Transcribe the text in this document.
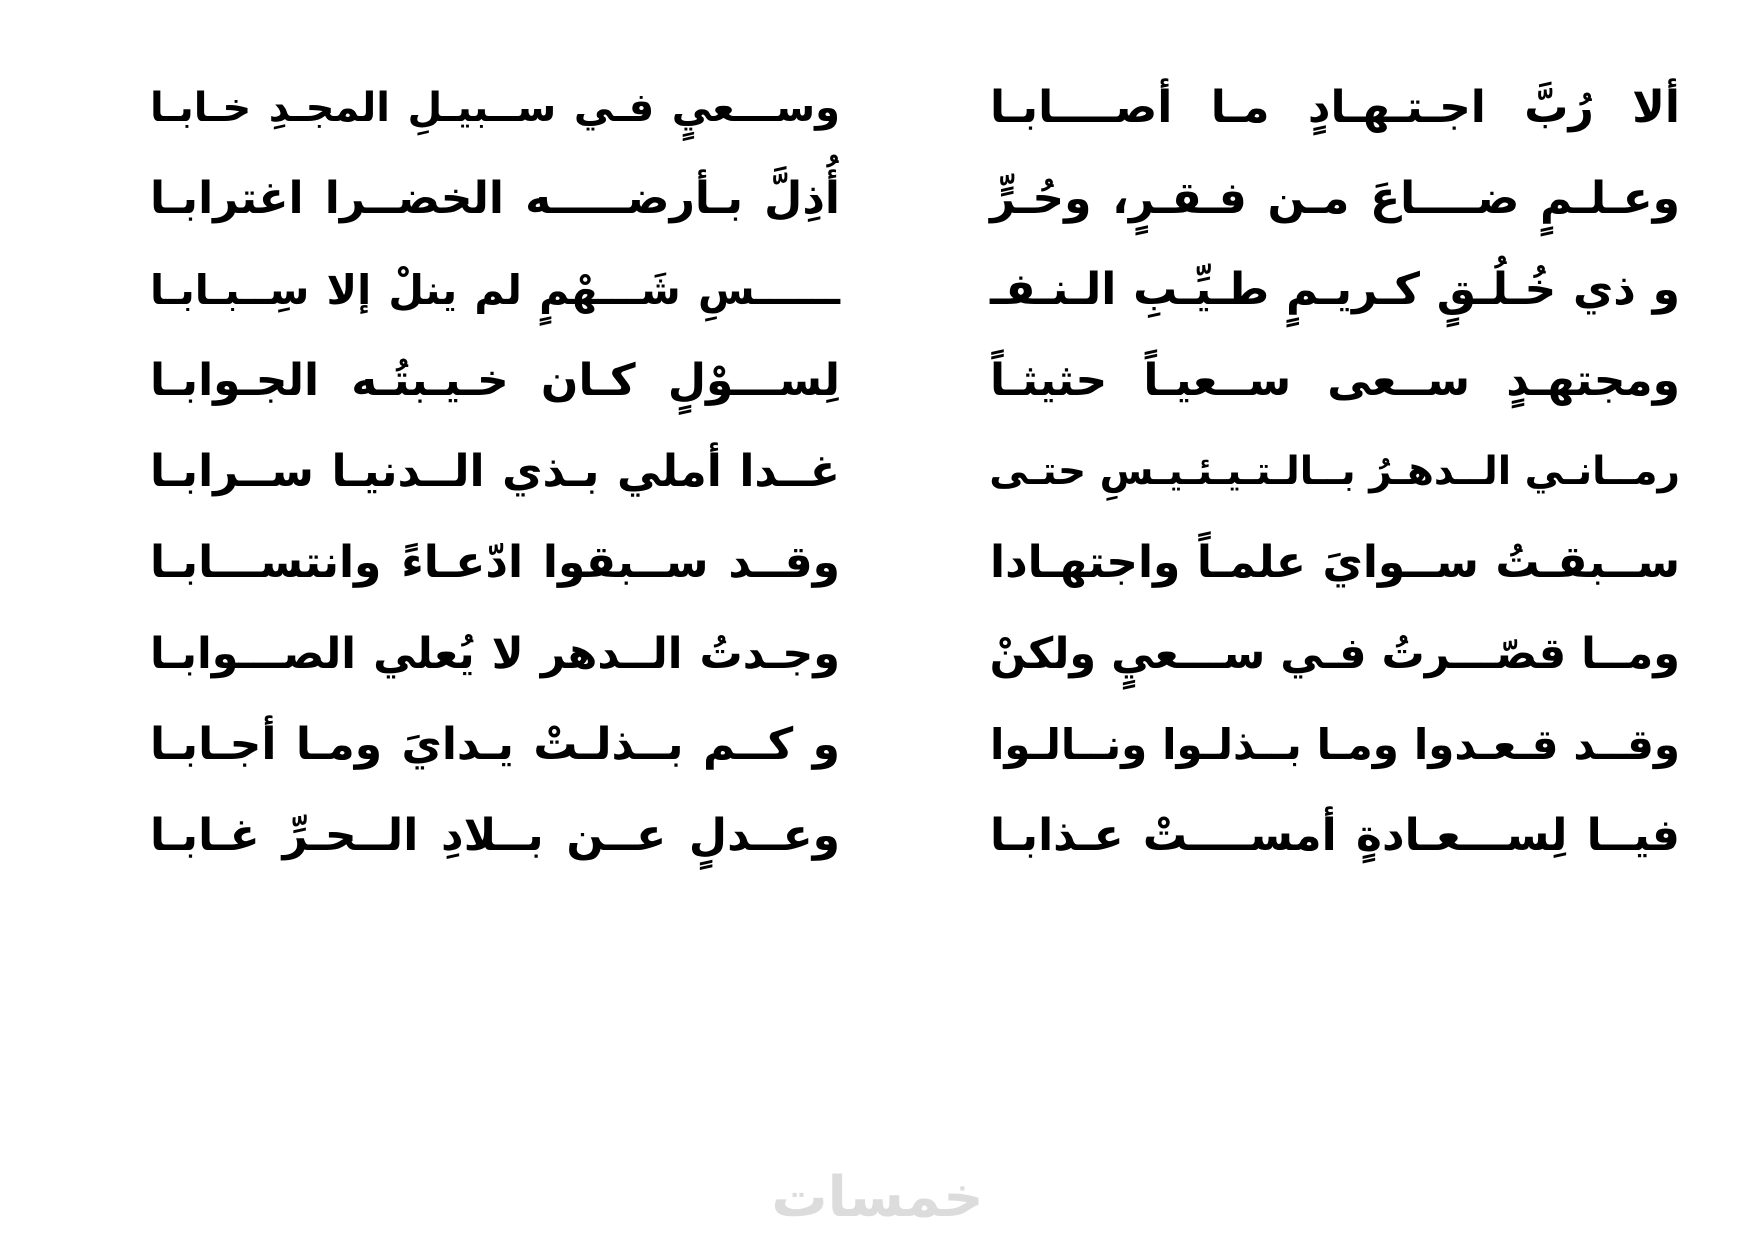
ألا رُبَّ اجـتـهـادٍ مـا أصــــابـا
وســـعيٍ فـي ســبيـلِ المجـدِ خـابـا
وعـلـمٍ ضــــاعَ مـن فـقـرٍ، وحُـرٍّ
أُذِلَّ بـأرضـــــه الخضــرا اغترابـا
و ذي خُـلُـقٍ كـريـمٍ طـيِّـبِ الـنـفـ
ــــــسِ شَـــهْمٍ لم ينلْ إلا سِــبـابـا
ومجتهـدٍ ســعى ســعيـاً حثيثـاً
لِســـوْلٍ كـان خـيـبتُـه الجـوابـا
رمــانـي الــدهـرُ بــالـتـيـئـيـسِ حتـى
غــدا أملي بـذي الــدنيـا ســرابـا
ســبقـتُ ســوايَ علمـاً واجتهـادا
وقــد ســبقوا ادّعـاءً وانتســـابـا
ومــا قصّـــرتُ فـي ســـعيٍ ولكنْ
وجـدتُ الــدهر لا يُعلي الصـــوابـا
وقــد قـعـدوا ومـا بــذلـوا ونــالـوا
و كــم بــذلـتْ يـدايَ ومـا أجـابـا
فيــا لِســـعـادةٍ أمســــتْ عـذابـا
وعــدلٍ عــن بــلادِ الــحـرِّ غـابـا
خمسات
